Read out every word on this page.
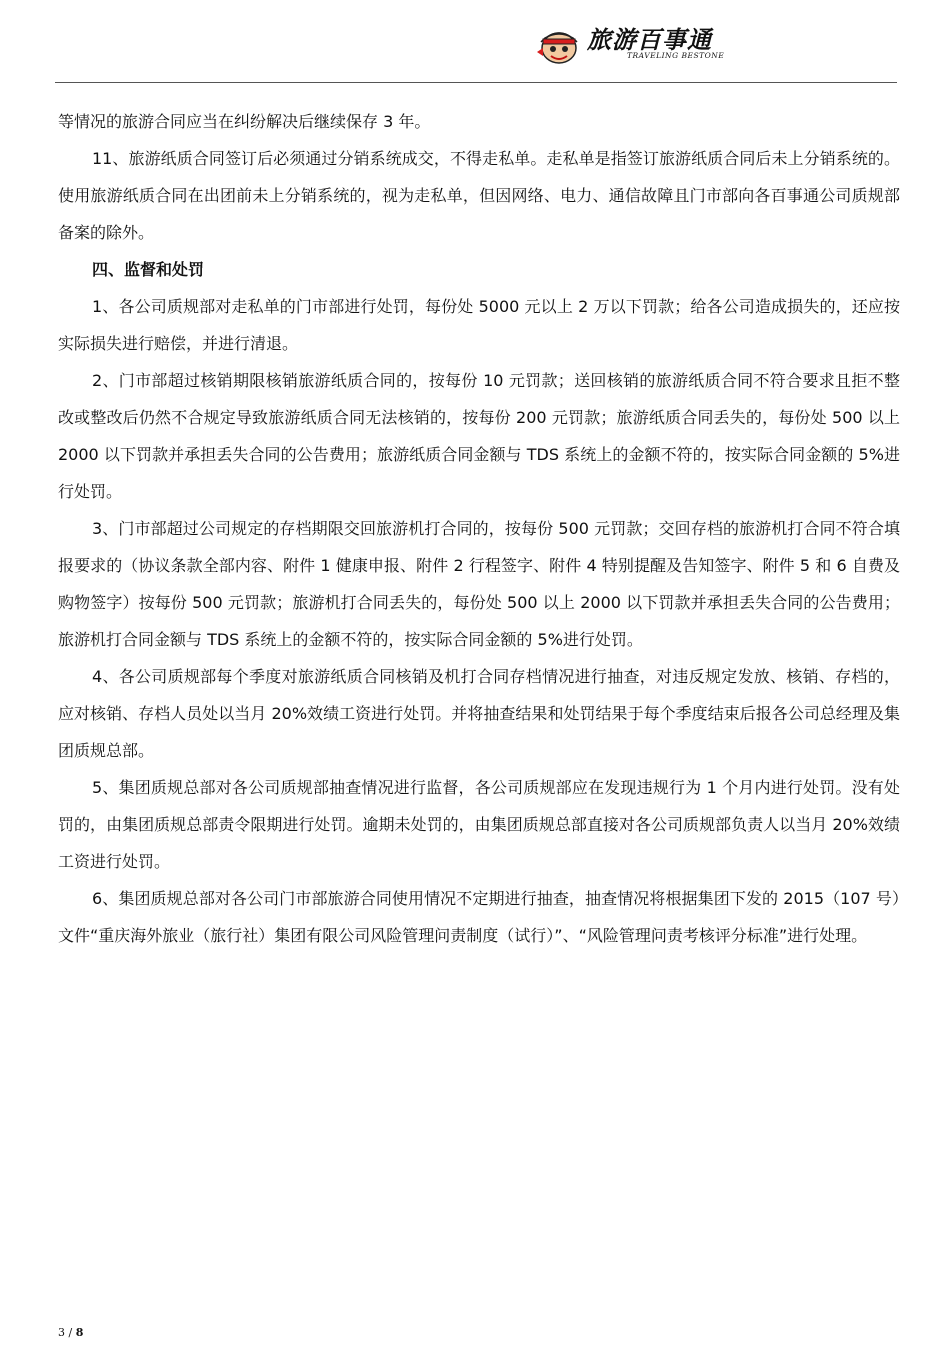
旅游百事通
TRAVELING BESTONE

等情况的旅游合同应当在纠纷解决后继续保存 3 年。

11、旅游纸质合同签订后必须通过分销系统成交，不得走私单。走私单是指签订旅游纸质合同后未上分销系统的。使用旅游纸质合同在出团前未上分销系统的，视为走私单，但因网络、电力、通信故障且门市部向各百事通公司质规部备案的除外。

四、监督和处罚

1、各公司质规部对走私单的门市部进行处罚，每份处 5000 元以上 2 万以下罚款；给各公司造成损失的，还应按实际损失进行赔偿，并进行清退。

2、门市部超过核销期限核销旅游纸质合同的，按每份 10 元罚款；送回核销的旅游纸质合同不符合要求且拒不整改或整改后仍然不合规定导致旅游纸质合同无法核销的，按每份 200 元罚款；旅游纸质合同丢失的，每份处 500 以上 2000 以下罚款并承担丢失合同的公告费用；旅游纸质合同金额与 TDS 系统上的金额不符的，按实际合同金额的 5%进行处罚。

3、门市部超过公司规定的存档期限交回旅游机打合同的，按每份 500 元罚款；交回存档的旅游机打合同不符合填报要求的（协议条款全部内容、附件 1 健康申报、附件 2 行程签字、附件 4 特别提醒及告知签字、附件 5 和 6 自费及购物签字）按每份 500 元罚款；旅游机打合同丢失的，每份处 500 以上 2000 以下罚款并承担丢失合同的公告费用；旅游机打合同金额与 TDS 系统上的金额不符的，按实际合同金额的 5%进行处罚。

4、各公司质规部每个季度对旅游纸质合同核销及机打合同存档情况进行抽查，对违反规定发放、核销、存档的，应对核销、存档人员处以当月 20%效绩工资进行处罚。并将抽查结果和处罚结果于每个季度结束后报各公司总经理及集团质规总部。

5、集团质规总部对各公司质规部抽查情况进行监督，各公司质规部应在发现违规行为 1 个月内进行处罚。没有处罚的，由集团质规总部责令限期进行处罚。逾期未处罚的，由集团质规总部直接对各公司质规部负责人以当月 20%效绩工资进行处罚。

6、集团质规总部对各公司门市部旅游合同使用情况不定期进行抽查，抽查情况将根据集团下发的 2015（107 号）文件“重庆海外旅业（旅行社）集团有限公司风险管理问责制度（试行）”、“风险管理问责考核评分标准”进行处理。

3 / 8
